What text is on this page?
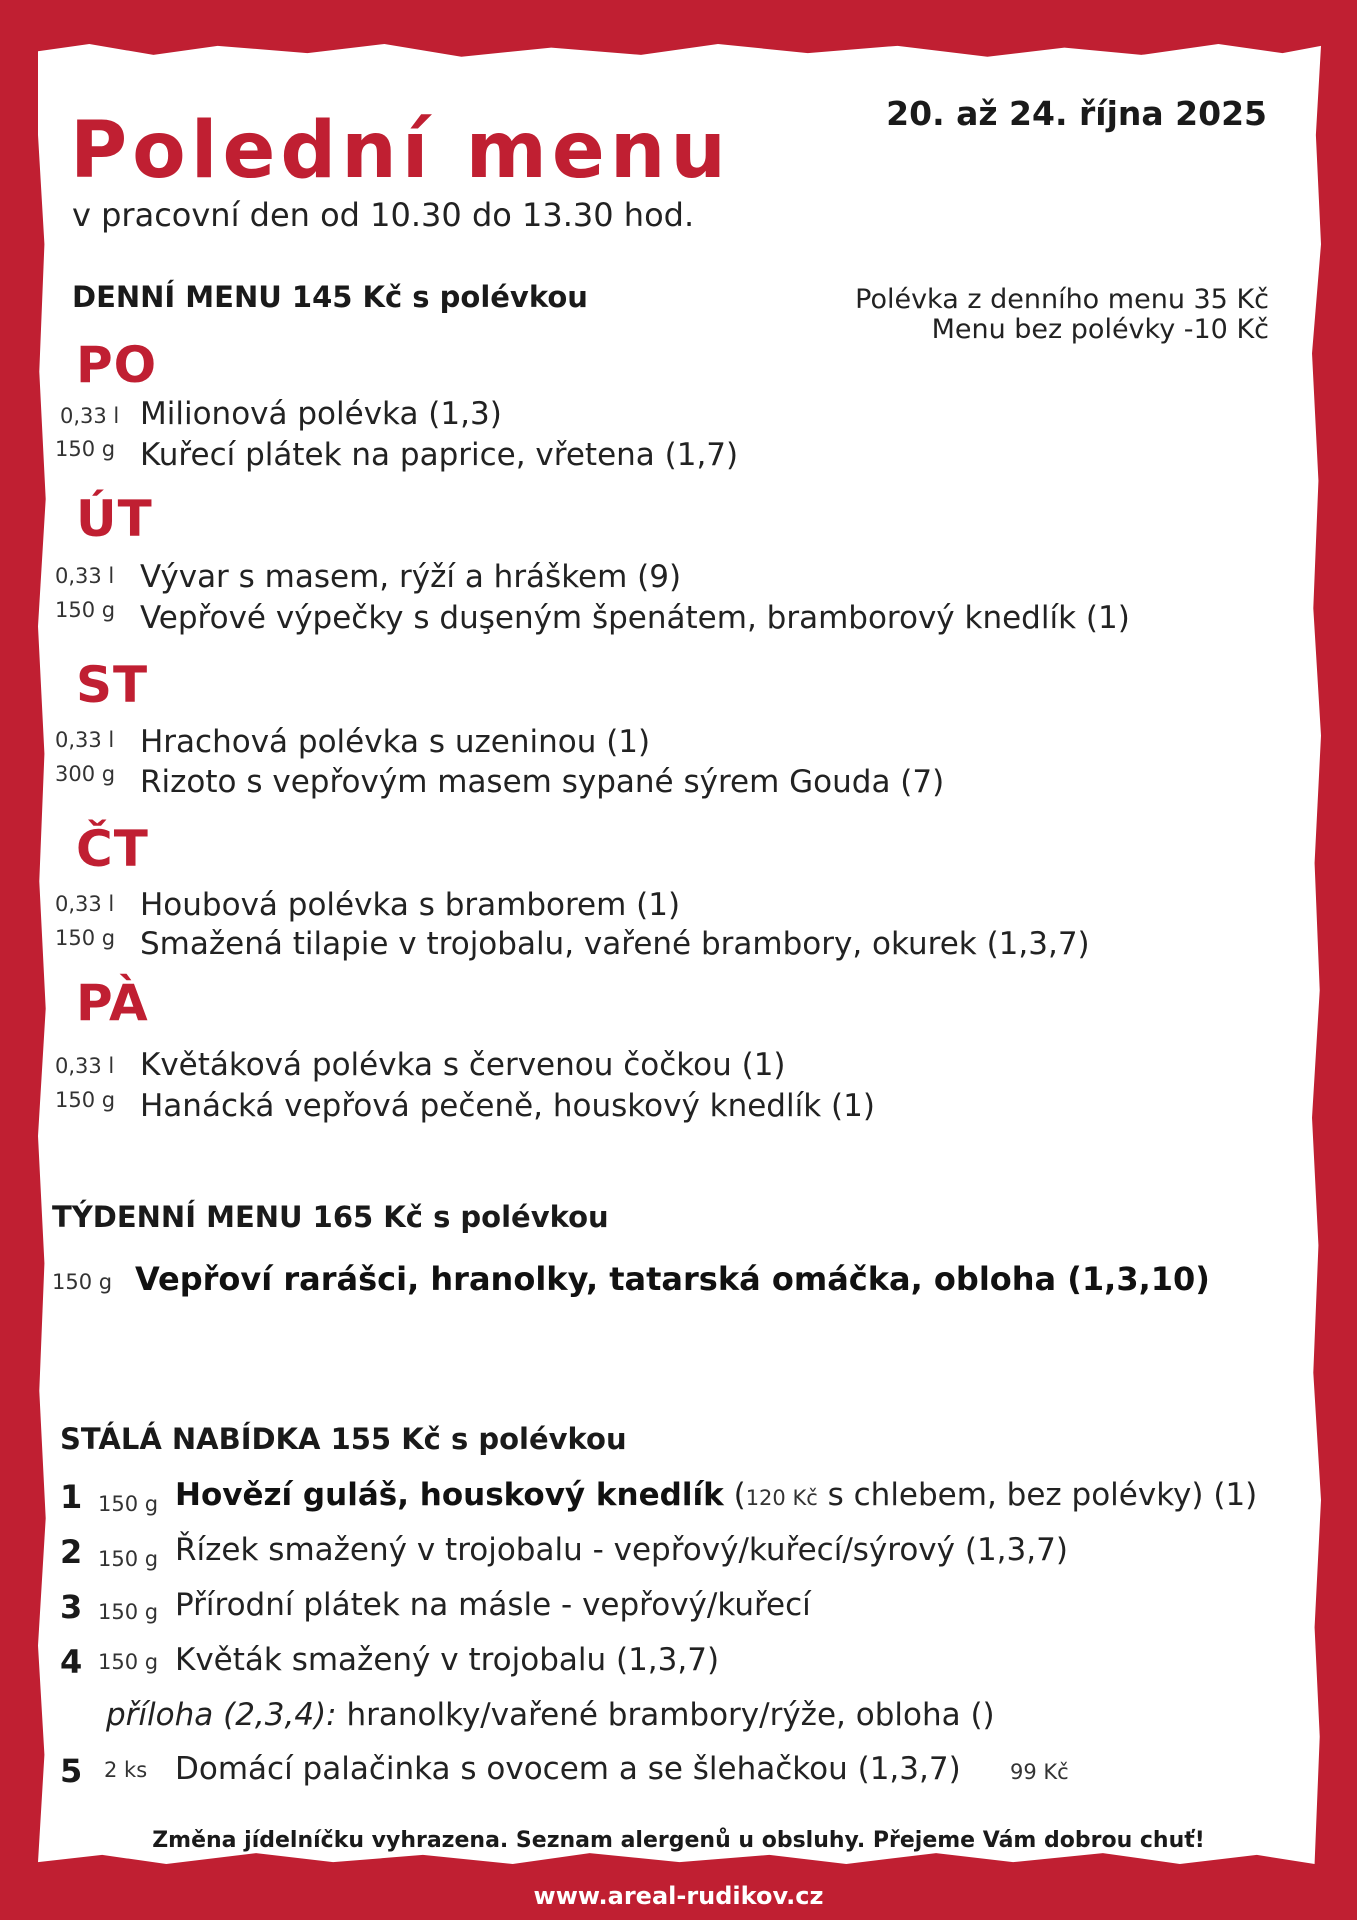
Polední menu
v pracovní den od 10.30 do 13.30 hod.
20. až 24. října 2025
DENNÍ MENU 145 Kč s polévkou	Polévka z denního menu 35 Kč
Menu bez polévky -10 Kč
PO
0,33 l Milionová polévka (1,3)
150 g Kuřecí plátek na paprice, vřetena (1,7)
ÚT
0,33 l Vývar s masem, rýží a hráškem (9)
150 g Vepřové výpečky s duşeným špenátem, bramborový knedlík (1)
ST
0,33 l Hrachová polévka s uzeninou (1)
300 g Rizoto s vepřovým masem sypané sýrem Gouda (7)
ČT
0,33 l Houbová polévka s bramborem (1)
150 g Smažená tilapie v trojobalu, vařené brambory, okurek (1,3,7)
PÀ
0,33 l Květáková polévka s červenou čočkou (1)
150 g Hanácká vepřová pečeně, houskový knedlík (1)
TÝDENNÍ MENU 165 Kč s polévkou
150 g Vepřoví rarášci, hranolky, tatarská omáčka, obloha (1,3,10)
STÁLÁ NABÍDKA 155 Kč s polévkou
1 150 g Hovězí guláš, houskový knedlík (120 Kč s chlebem, bez polévky) (1)
2 150 g Řízek smažený v trojobalu - vepřový/kuřecí/sýrový (1,3,7)
3 150 g Přírodní plátek na másle - vepřový/kuřecí
4 150 g Květák smažený v trojobalu (1,3,7)
příloha (2,3,4): hranolky/vařené brambory/rýže, obloha ()
5 2 ks Domácí palačinka s ovocem a se šlehačkou (1,3,7) 99 Kč
Změna jídelníčku vyhrazena. Seznam alergenů u obsluhy. Přejeme Vám dobrou chuť!
www.areal-rudikov.cz
